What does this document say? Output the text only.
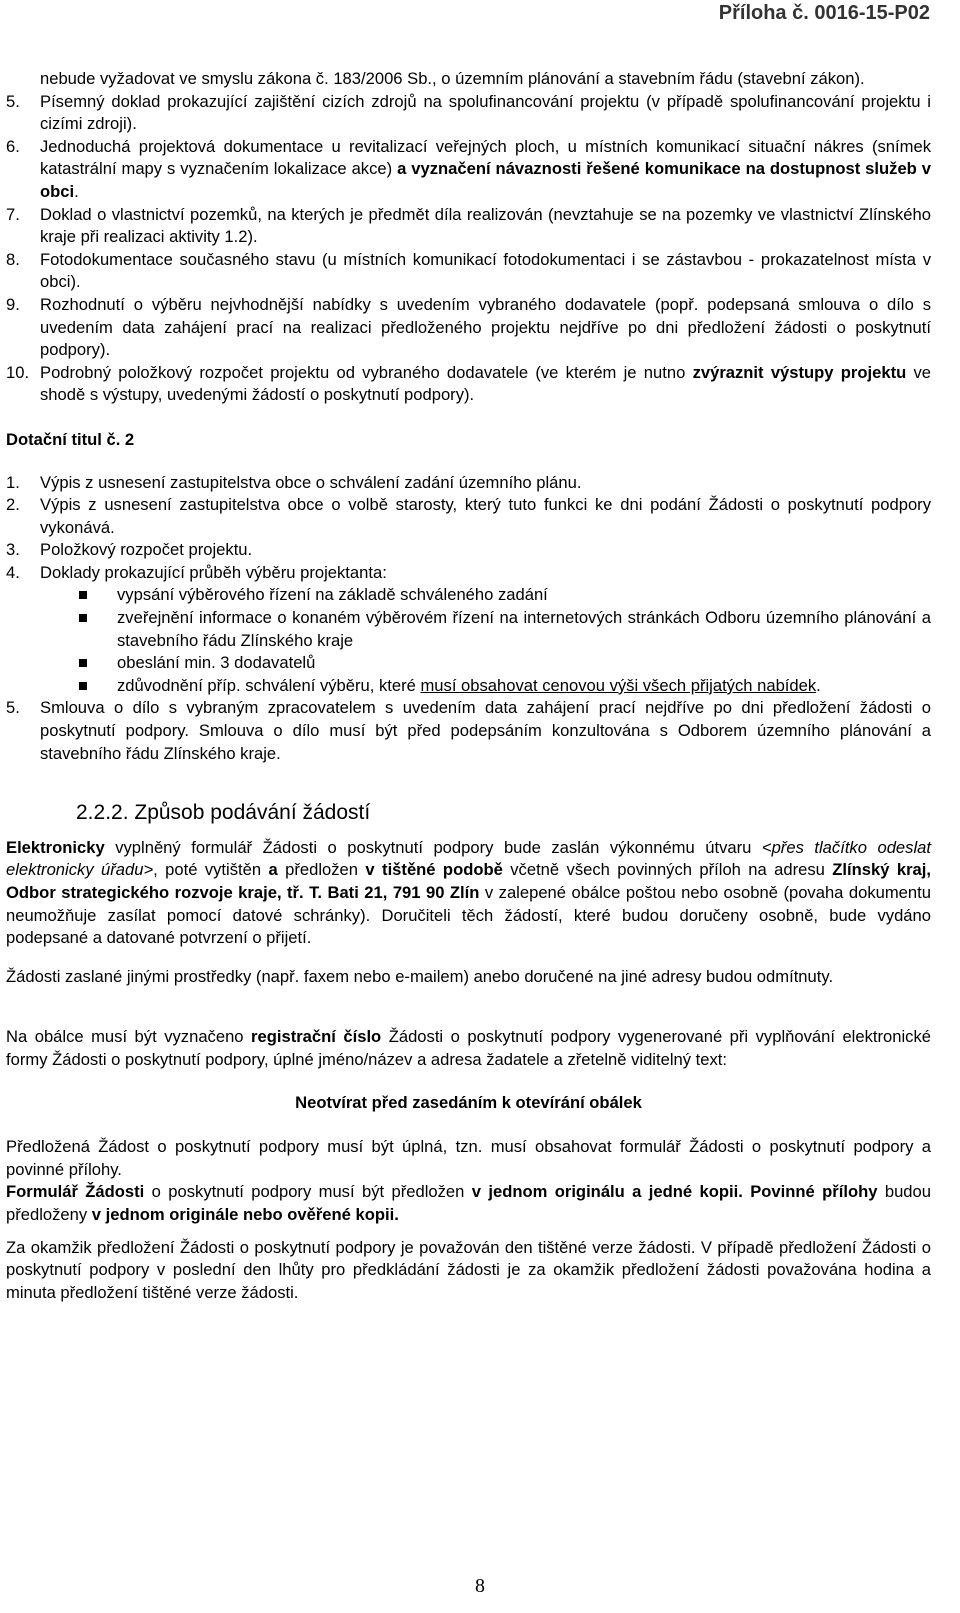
Příloha č. 0016-15-P02

nebude vyžadovat ve smyslu zákona č. 183/2006 Sb., o územním plánování a stavebním řádu (stavební zákon).

5. Písemný doklad prokazující zajištění cizích zdrojů na spolufinancování projektu (v případě spolufinancování projektu i cizími zdroji).

6. Jednoduchá projektová dokumentace u revitalizací veřejných ploch, u místních komunikací situační nákres (snímek katastrální mapy s vyznačením lokalizace akce) a vyznačení návaznosti řešené komunikace na dostupnost služeb v obci.

7. Doklad o vlastnictví pozemků, na kterých je předmět díla realizován (nevztahuje se na pozemky ve vlastnictví Zlínského kraje při realizaci aktivity 1.2).

8. Fotodokumentace současného stavu (u místních komunikací fotodokumentaci i se zástavbou - prokazatelnost místa v obci).

9. Rozhodnutí o výběru nejvhodnější nabídky s uvedením vybraného dodavatele (popř. podepsaná smlouva o dílo s uvedením data zahájení prací na realizaci předloženého projektu nejdříve po dni předložení žádosti o poskytnutí podpory).

10. Podrobný položkový rozpočet projektu od vybraného dodavatele (ve kterém je nutno zvýraznit výstupy projektu ve shodě s výstupy, uvedenými žádostí o poskytnutí podpory).

Dotační titul č. 2

1. Výpis z usnesení zastupitelstva obce o schválení zadání územního plánu.

2. Výpis z usnesení zastupitelstva obce o volbě starosty, který tuto funkci ke dni podání Žádosti o poskytnutí podpory vykonává.

3. Položkový rozpočet projektu.

4. Doklady prokazující průběh výběru projektanta:

vypsání výběrového řízení na základě schváleného zadání
zveřejnění informace o konaném výběrovém řízení na internetových stránkách Odboru územního plánování a stavebního řádu Zlínského kraje
obeslání min. 3 dodavatelů
zdůvodnění příp. schválení výběru, které musí obsahovat cenovou výši všech přijatých nabídek.

5. Smlouva o dílo s vybraným zpracovatelem s uvedením data zahájení prací nejdříve po dni předložení žádosti o poskytnutí podpory. Smlouva o dílo musí být před podepsáním konzultována s Odborem územního plánování a stavebního řádu Zlínského kraje.

2.2.2. Způsob podávání žádostí

Elektronicky vyplněný formulář Žádosti o poskytnutí podpory bude zaslán výkonnému útvaru <přes tlačítko odeslat elektronicky úřadu>, poté vytištěn a předložen v tištěné podobě včetně všech povinných příloh na adresu Zlínský kraj, Odbor strategického rozvoje kraje, tř. T. Bati 21, 791 90 Zlín v zalepené obálce poštou nebo osobně (povaha dokumentu neumožňuje zasílat pomocí datové schránky). Doručiteli těch žádostí, které budou doručeny osobně, bude vydáno podepsané a datované potvrzení o přijetí.

Žádosti zaslané jinými prostředky (např. faxem nebo e-mailem) anebo doručené na jiné adresy budou odmítnuty.

Na obálce musí být vyznačeno registrační číslo Žádosti o poskytnutí podpory vygenerované při vyplňování elektronické formy Žádosti o poskytnutí podpory, úplné jméno/název a adresa žadatele a zřetelně viditelný text:

Neotvírat před zasedáním k otevírání obálek

Předložená Žádost o poskytnutí podpory musí být úplná, tzn. musí obsahovat formulář Žádosti o poskytnutí podpory a povinné přílohy.

Formulář Žádosti o poskytnutí podpory musí být předložen v jednom originálu a jedné kopii. Povinné přílohy budou předloženy v jednom originále nebo ověřené kopii.

Za okamžik předložení Žádosti o poskytnutí podpory je považován den tištěné verze žádosti. V případě předložení Žádosti o poskytnutí podpory v poslední den lhůty pro předkládání žádosti je za okamžik předložení žádosti považována hodina a minuta předložení tištěné verze žádosti.

8
